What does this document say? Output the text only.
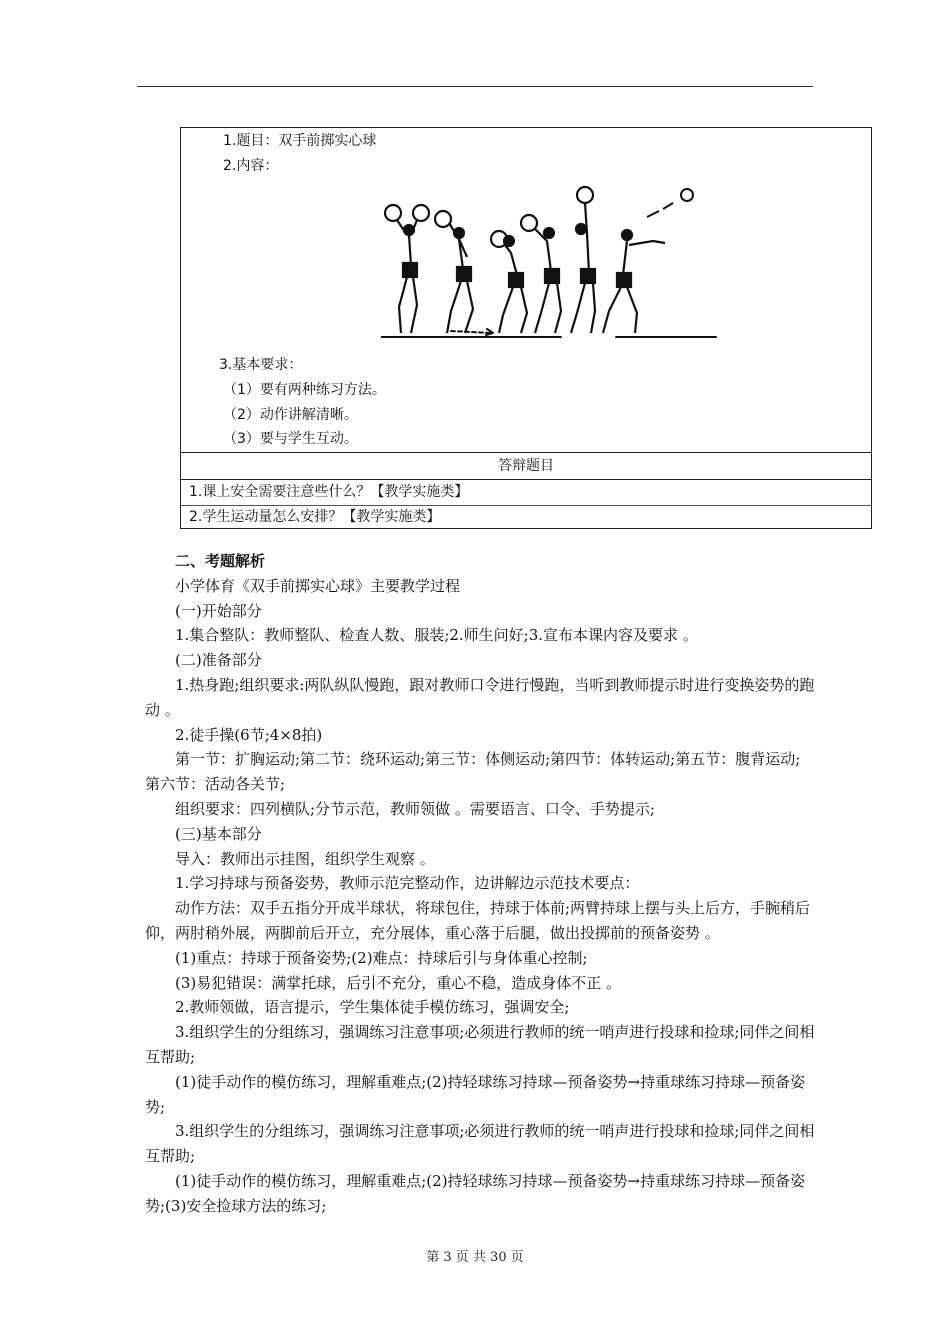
1.题目：双手前掷实心球
2.内容：
3.基本要求：
（1）要有两种练习方法。
（2）动作讲解清晰。
（3）要与学生互动。
答辩题目
1.课上安全需要注意些什么？【教学实施类】
2.学生运动量怎么安排？【教学实施类】

二、考题解析

小学体育《双手前掷实心球》主要教学过程

(一)开始部分

1.集合整队：教师整队、检查人数、服装;2.师生问好;3.宣布本课内容及要求 。

(二)准备部分

1.热身跑;组织要求:两队纵队慢跑，跟对教师口令进行慢跑，当听到教师提示时进行变换姿势的跑动 。

2.徒手操(6节;4×8拍)

第一节：扩胸运动;第二节：绕环运动;第三节：体侧运动;第四节：体转运动;第五节：腹背运动;第六节：活动各关节;

组织要求：四列横队;分节示范，教师领做 。需要语言、口令、手势提示;

(三)基本部分

导入：教师出示挂图，组织学生观察 。

1.学习持球与预备姿势，教师示范完整动作，边讲解边示范技术要点：

动作方法：双手五指分开成半球状，将球包住，持球于体前;两臂持球上摆与头上后方，手腕稍后仰，两肘稍外展，两脚前后开立，充分展体，重心落于后腿，做出投掷前的预备姿势 。

(1)重点：持球于预备姿势;(2)难点：持球后引与身体重心控制;

(3)易犯错误：满掌托球，后引不充分，重心不稳，造成身体不正 。

2.教师领做，语言提示，学生集体徒手模仿练习，强调安全;

3.组织学生的分组练习，强调练习注意事项;必须进行教师的统一哨声进行投球和捡球;同伴之间相互帮助;

(1)徒手动作的模仿练习，理解重难点;(2)持轻球练习持球—预备姿势→持重球练习持球—预备姿势;

3.组织学生的分组练习，强调练习注意事项;必须进行教师的统一哨声进行投球和捡球;同伴之间相互帮助;

(1)徒手动作的模仿练习，理解重难点;(2)持轻球练习持球—预备姿势→持重球练习持球—预备姿势;(3)安全捡球方法的练习;

第 3 页 共 30 页
